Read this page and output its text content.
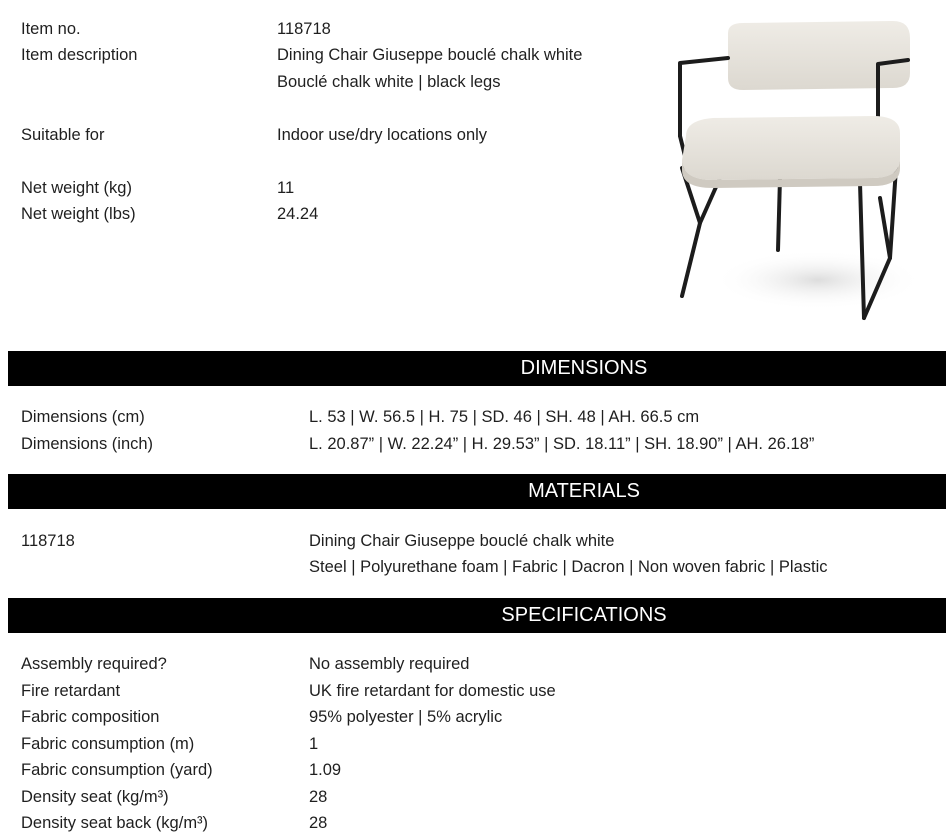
Item no.	118718
Item description	Dining Chair Giuseppe bouclé chalk white
Bouclé chalk white | black legs
Suitable for	Indoor use/dry locations only
Net weight (kg)	11
Net weight (lbs)	24.24
DIMENSIONS
Dimensions (cm)	L. 53 | W. 56.5 | H. 75 | SD. 46 | SH. 48 | AH. 66.5 cm
Dimensions (inch)	L. 20.87” | W. 22.24” | H. 29.53” | SD. 18.11” | SH. 18.90” | AH. 26.18”
MATERIALS
118718	Dining Chair Giuseppe bouclé chalk white
Steel | Polyurethane foam | Fabric | Dacron | Non woven fabric | Plastic
SPECIFICATIONS
Assembly required?	No assembly required
Fire retardant	UK fire retardant for domestic use
Fabric composition	95% polyester | 5% acrylic
Fabric consumption (m)	1
Fabric consumption (yard)	1.09
Density seat (kg/m³)	28
Density seat back (kg/m³)	28
